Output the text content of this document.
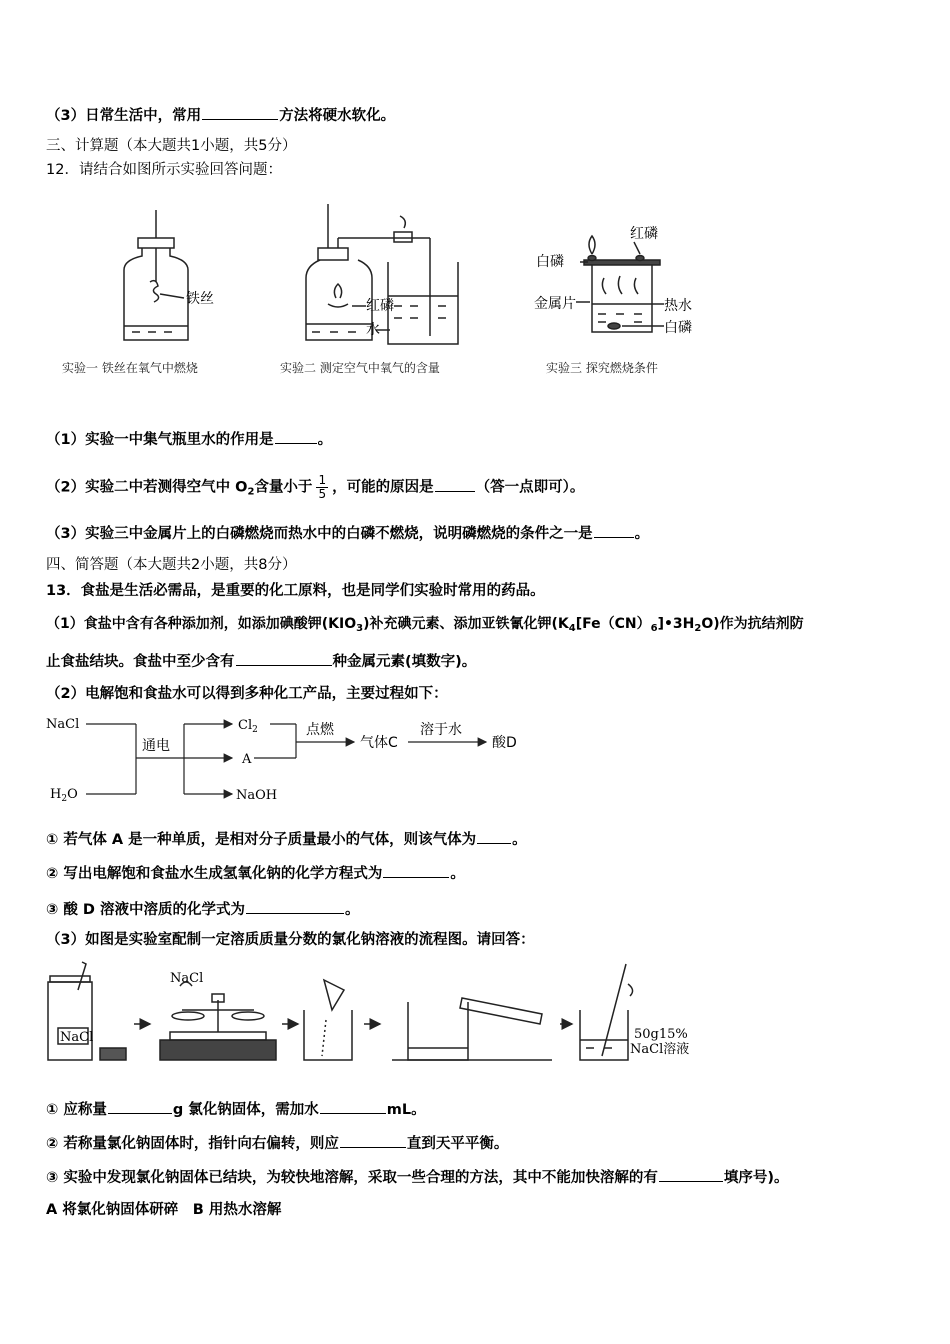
（3）日常生活中，常用	方法将硬水软化。
三、计算题（本大题共1小题，共5分）
12．请结合如图所示实验回答问题：
铁丝
实验一 铁丝在氧气中燃烧
红磷
水
实验二 测定空气中氧气的含量
红磷
白磷
金属片	热水
白磷
实验三 探究燃烧条件
（1）实验一中集气瓶里水的作用是	。
（2）实验二中若测得空气中 $O_2$含量小于 $\frac{1}{5}$ ，可能的原因是	（答一点即可）。
（3）实验三中金属片上的白磷燃烧而热水中的白磷不燃烧，说明磷燃烧的条件之一是	。
四、简答题（本大题共2小题，共8分）
13．食盐是生活必需品，是重要的化工原料，也是同学们实验时常用的药品。
（1）食盐中含有各种添加剂，如添加碘酸钾$(KIO_3)$补充碘元素、添加亚铁氰化钾$(K_4[Fe(CN)_6]•3H_2O)$作为抗结剂防
止食盐结块。食盐中至少含有	种金属元素(填数字)。
（2）电解饱和食盐水可以得到多种化工产品，主要过程如下：
NaCl
$H_2O$
通电
$Cl_2$
A
NaOH
点燃
气体C
溶于水
酸D
① 若气体 A 是一种单质，是相对分子质量最小的气体，则该气体为 。
② 写出电解饱和食盐水生成氢氧化钠的化学方程式为	。
③ 酸 D 溶液中溶质的化学式为	。
（3）如图是实验室配制一定溶质质量分数的氯化钠溶液的流程图。请回答：
NaCl
NaCl
50g15%
NaCl溶液
① 应称量	g 氯化钠固体，需加水	mL。
② 若称量氯化钠固体时，指针向右偏转，则应	直到天平平衡。
③ 实验中发现氯化钠固体已结块，为较快地溶解，采取一些合理的方法，其中不能加快溶解的有	填序号)。
A 将氯化钠固体研碎　B 用热水溶解
